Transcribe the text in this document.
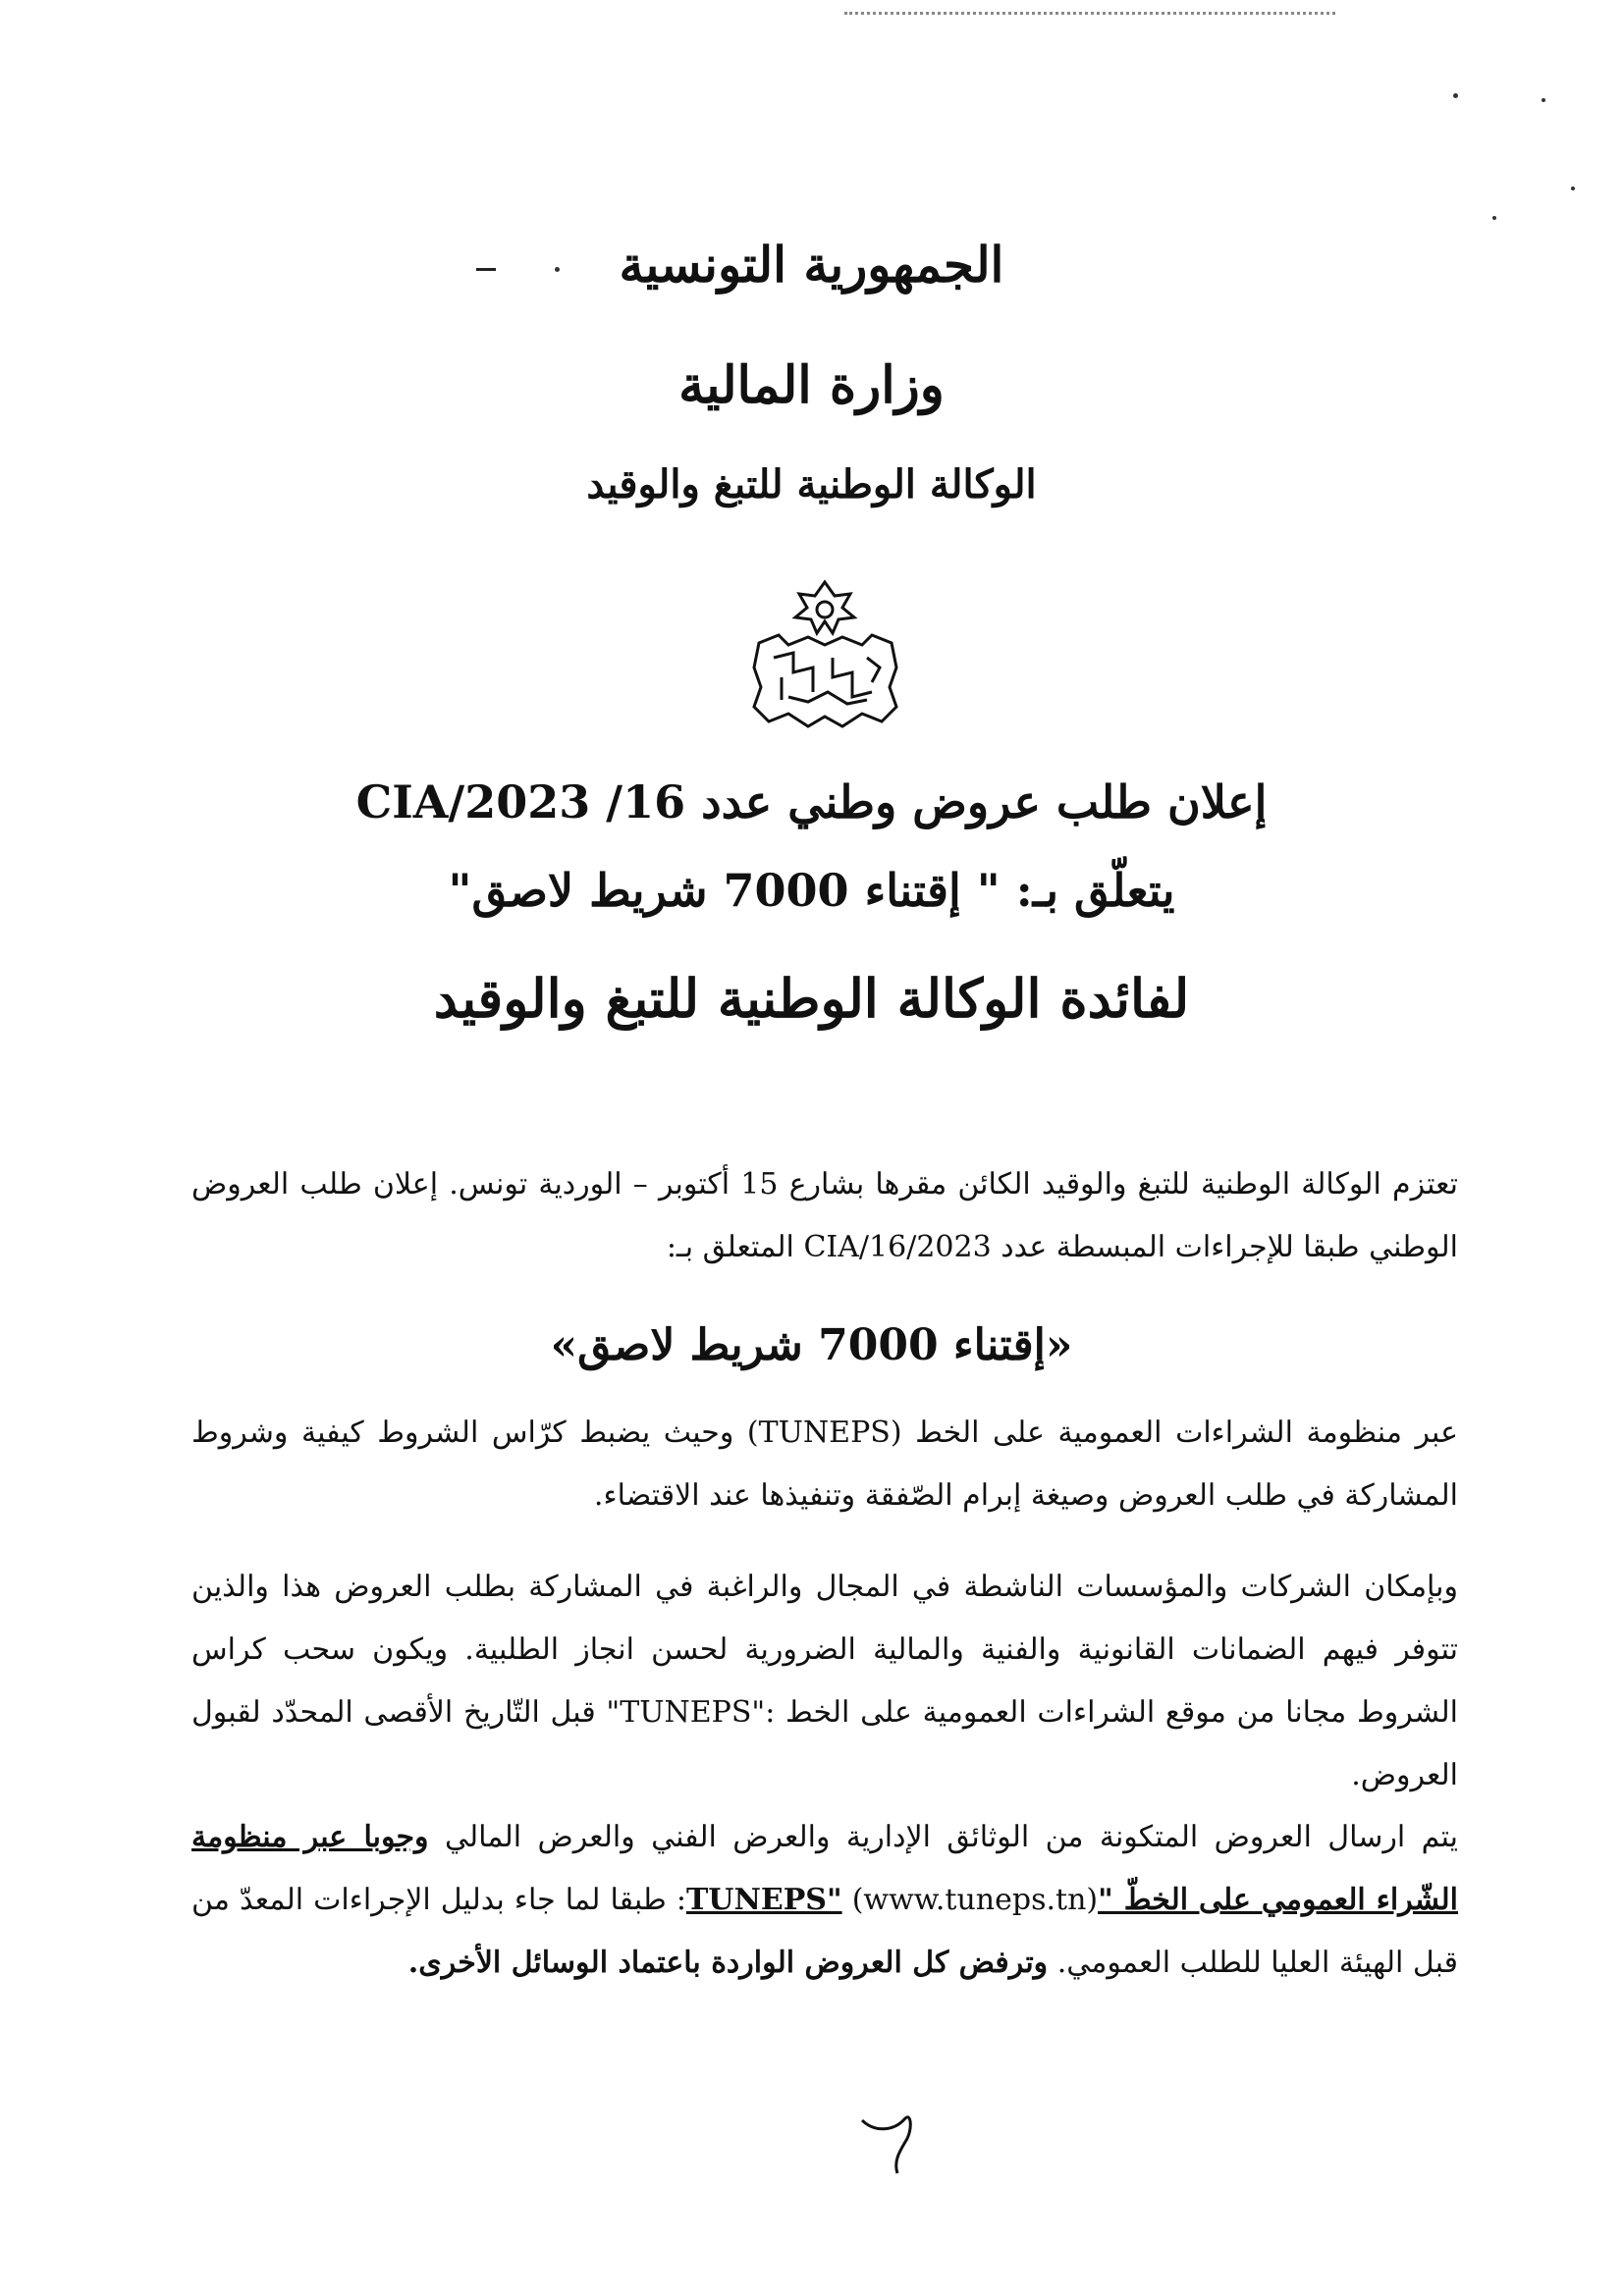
الجمهورية التونسية
وزارة المالية
الوكالة الوطنية للتبغ والوقيد
إعلان طلب عروض وطني عدد 16/ 2023/CIA
يتعلّق بـ: " إقتناء 7000 شريط لاصق"
لفائدة الوكالة الوطنية للتبغ والوقيد
تعتزم الوكالة الوطنية للتبغ والوقيد الكائن مقرها بشارع 15 أكتوبر – الوردية تونس. إعلان طلب العروض الوطني طبقا للإجراءات المبسطة عدد 2023/CIA/16 المتعلق بـ:
«إقتناء 7000 شريط لاصق»
عبر منظومة الشراءات العمومية على الخط (TUNEPS) وحيث يضبط كرّاس الشروط كيفية وشروط المشاركة في طلب العروض وصيغة إبرام الصّفقة وتنفيذها عند الاقتضاء.
وبإمكان الشركات والمؤسسات الناشطة في المجال والراغبة في المشاركة بطلب العروض هذا والذين تتوفر فيهم الضمانات القانونية والفنية والمالية الضرورية لحسن انجاز الطلبية. ويكون سحب كراس الشروط مجانا من موقع الشراءات العمومية على الخط :"TUNEPS" قبل التّاريخ الأقصى المحدّد لقبول العروض.
يتم ارسال العروض المتكونة من الوثائق الإدارية والعرض الفني والعرض المالي وجوبا عبر منظومة الشّراء العمومي على الخطّ "TUNEPS" (www.tuneps.tn): طبقا لما جاء بدليل الإجراءات المعدّ من قبل الهيئة العليا للطلب العمومي. وترفض كل العروض الواردة باعتماد الوسائل الأخرى.
